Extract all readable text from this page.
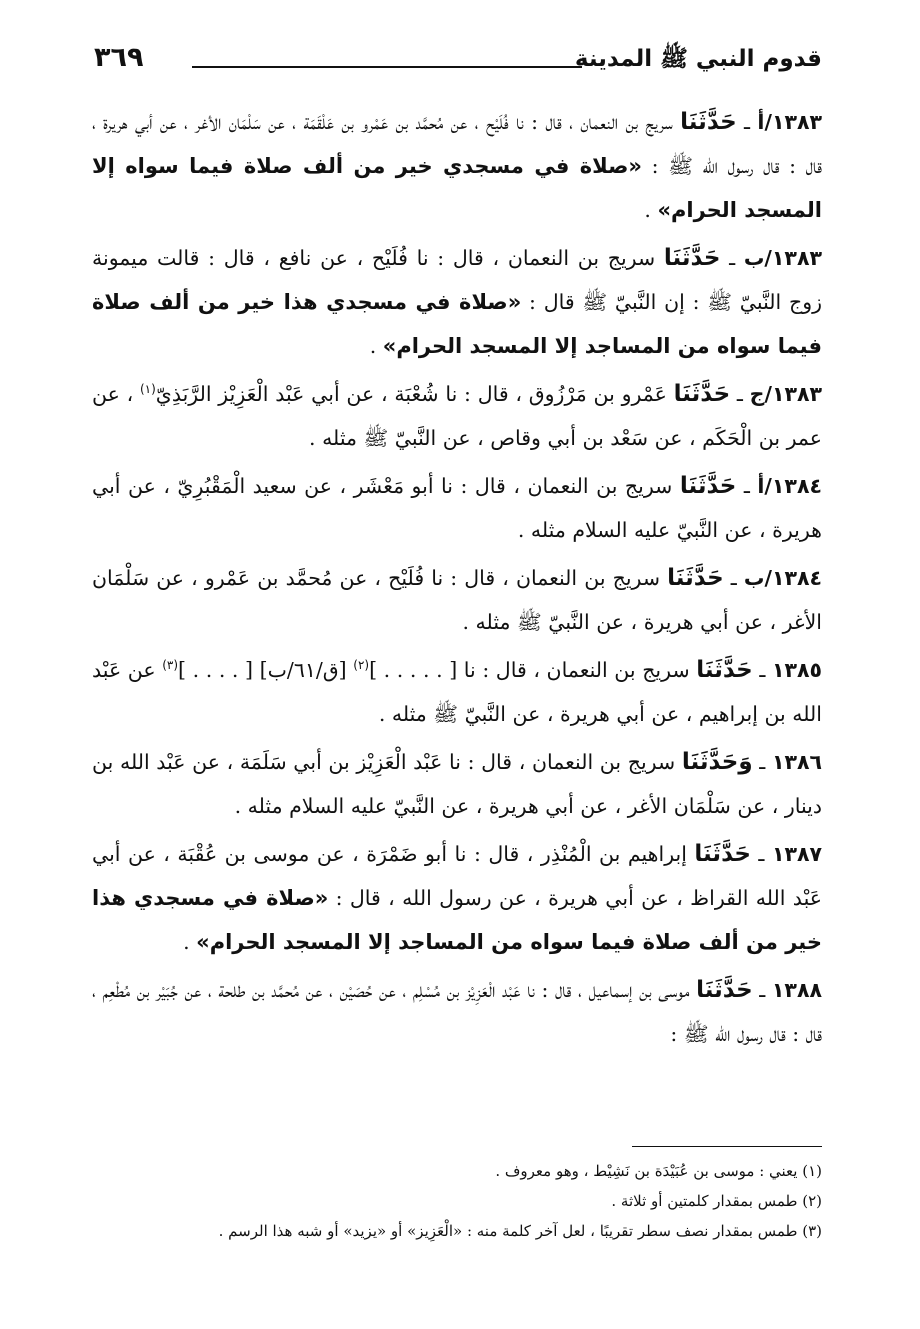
قدوم النبي ﷺ المدينة
٣٦٩

١٣٨٣/أ ـ حَدَّثَنَا سريج بن النعمان ، قال : نا فُلَيْح ، عن مُحمَّد بن عَمْرو بن عَلْقَمَة ، عن سَلْمَان الأغر ، عن أبي هريرة ، قال : قال رسول الله ﷺ : «صلاة في مسجدي خير من ألف صلاة فيما سواه إلا المسجد الحرام» .

١٣٨٣/ب ـ حَدَّثَنَا سريج بن النعمان ، قال : نا فُلَيْح ، عن نافع ، قال : قالت ميمونة زوج النَّبيّ ﷺ : إن النَّبيّ ﷺ قال : «صلاة في مسجدي هذا خير من ألف صلاة فيما سواه من المساجد إلا المسجد الحرام» .

١٣٨٣/ج ـ حَدَّثَنَا عَمْرو بن مَرْزُوق ، قال : نا شُعْبَة ، عن أبي عَبْد الْعَزِيْز الرَّبَذِيّ$^{(١)}$ ، عن عمر بن الْحَكَم ، عن سَعْد بن أبي وقاص ، عن النَّبيّ ﷺ مثله .

١٣٨٤/أ ـ حَدَّثَنَا سريج بن النعمان ، قال : نا أبو مَعْشَر ، عن سعيد الْمَقْبُرِيّ ، عن أبي هريرة ، عن النَّبيّ عليه السلام مثله .

١٣٨٤/ب ـ حَدَّثَنَا سريج بن النعمان ، قال : نا فُلَيْح ، عن مُحمَّد بن عَمْرو ، عن سَلْمَان الأغر ، عن أبي هريرة ، عن النَّبيّ ﷺ مثله .

١٣٨٥ ـ حَدَّثَنَا سريج بن النعمان ، قال : نا [ . . . . . ]$^{(٢)}$ [ق/٦١/ب] [ . . . . ]$^{(٣)}$ عن عَبْد الله بن إبراهيم ، عن أبي هريرة ، عن النَّبيّ ﷺ مثله .

١٣٨٦ ـ وَحَدَّثَنَا سريج بن النعمان ، قال : نا عَبْد الْعَزِيْز بن أبي سَلَمَة ، عن عَبْد الله بن دينار ، عن سَلْمَان الأغر ، عن أبي هريرة ، عن النَّبيّ عليه السلام مثله .

١٣٨٧ ـ حَدَّثَنَا إبراهيم بن الْمُنْذِر ، قال : نا أبو ضَمْرَة ، عن موسى بن عُقْبَة ، عن أبي عَبْد الله القراظ ، عن أبي هريرة ، عن رسول الله ، قال : «صلاة في مسجدي هذا خير من ألف صلاة فيما سواه من المساجد إلا المسجد الحرام» .

١٣٨٨ ـ حَدَّثَنَا موسى بن إسماعيل ، قال : نا عَبْد الْعَزِيْز بن مُسْلِم ، عن حُصَيْن ، عن مُحمَّد بن طلحة ، عن جُبَيْر بن مُطْعِم ، قال : قال رسول الله ﷺ :

(١) يعني : موسى بن عُبَيْدَة بن نَشِيْط ، وهو معروف .

(٢) طمس بمقدار كلمتين أو ثلاثة .

(٣) طمس بمقدار نصف سطر تقريبًا ، لعل آخر كلمة منه : «الْعَزِيز» أو «يزيد» أو شبه هذا الرسم .
